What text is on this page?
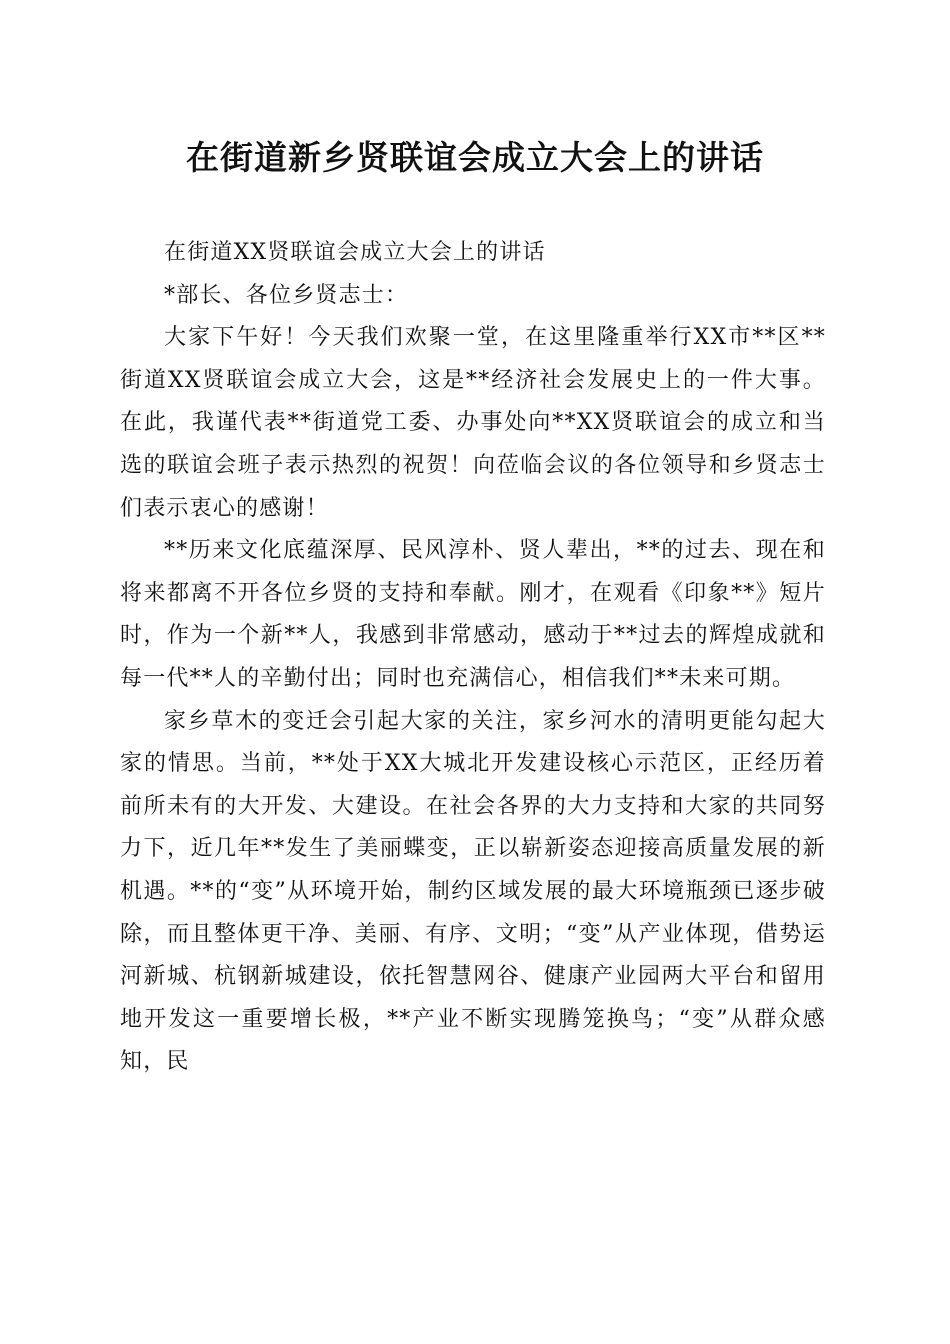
在街道新乡贤联谊会成立大会上的讲话

在街道XX贤联谊会成立大会上的讲话

*部长、各位乡贤志士：

大家下午好！今天我们欢聚一堂，在这里隆重举行XX市**区**街道XX贤联谊会成立大会，这是**经济社会发展史上的一件大事。在此，我谨代表**街道党工委、办事处向**XX贤联谊会的成立和当选的联谊会班子表示热烈的祝贺！向莅临会议的各位领导和乡贤志士们表示衷心的感谢！

**历来文化底蕴深厚、民风淳朴、贤人辈出，**的过去、现在和将来都离不开各位乡贤的支持和奉献。刚才，在观看《印象**》短片时，作为一个新**人，我感到非常感动，感动于**过去的辉煌成就和每一代**人的辛勤付出；同时也充满信心，相信我们**未来可期。

家乡草木的变迁会引起大家的关注，家乡河水的清明更能勾起大家的情思。当前，**处于XX大城北开发建设核心示范区，正经历着前所未有的大开发、大建设。在社会各界的大力支持和大家的共同努力下，近几年**发生了美丽蝶变，正以崭新姿态迎接高质量发展的新机遇。**的“变”从环境开始，制约区域发展的最大环境瓶颈已逐步破除，而且整体更干净、美丽、有序、文明；“变”从产业体现，借势运河新城、杭钢新城建设，依托智慧网谷、健康产业园两大平台和留用地开发这一重要增长极，**产业不断实现腾笼换鸟；“变”从群众感知，民
